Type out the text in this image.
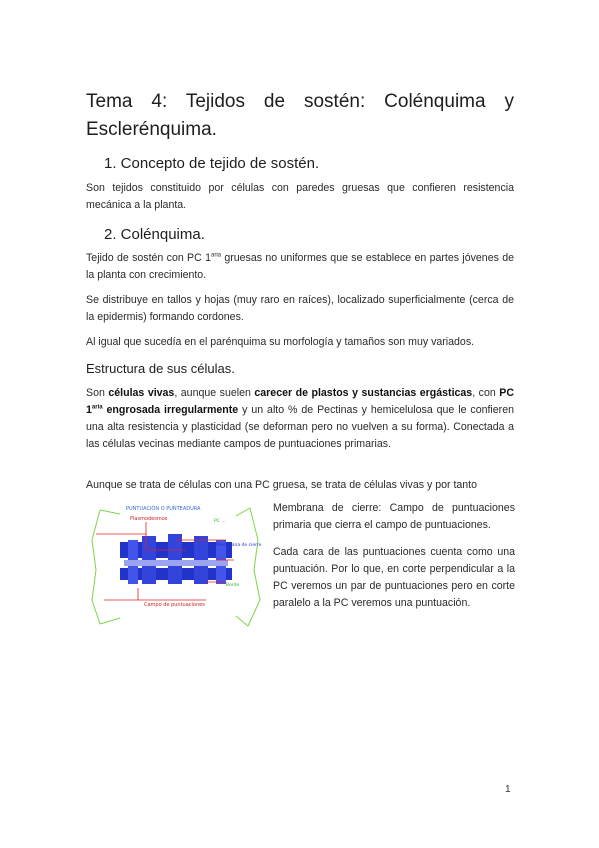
Tema 4: Tejidos de sostén: Colénquima y Esclerénquima.
1. Concepto de tejido de sostén.

Son tejidos constituido por células con paredes gruesas que confieren resistencia mecánica a la planta.

2. Colénquima.

Tejido de sostén con PC $1^{aria}$ gruesas no uniformes que se establece en partes jóvenes de la planta con crecimiento.

Se distribuye en tallos y hojas (muy raro en raíces), localizado superficialmente (cerca de la epidermis) formando cordones.

Al igual que sucedía en el parénquima su morfología y tamaños son muy variados.

Estructura de sus células.

Son células vivas, aunque suelen carecer de plastos y sustancias ergásticas, con PC $1^{aria}$ engrosada irregularmente y un alto % de Pectinas y hemicelulosa que le confieren una alta resistencia y plasticidad (se deforman pero no vuelven a su forma). Conectada a las células vecinas mediante campos de puntuaciones primarias.

Aunque se trata de células con una PC gruesa, se trata de células vivas y por tanto

PUNTUACIÓN O PUNTEADURA
Plasmodesmos	PC ...
Membrana de cierre
Borde
Campo de puntuaciones

Membrana de cierre: Campo de puntuaciones primaria que cierra el campo de puntuaciones.

Cada cara de las puntuaciones cuenta como una puntuación. Por lo que, en corte perpendicular a la PC veremos un par de puntuaciones pero en corte paralelo a la PC veremos una puntuación.

1
